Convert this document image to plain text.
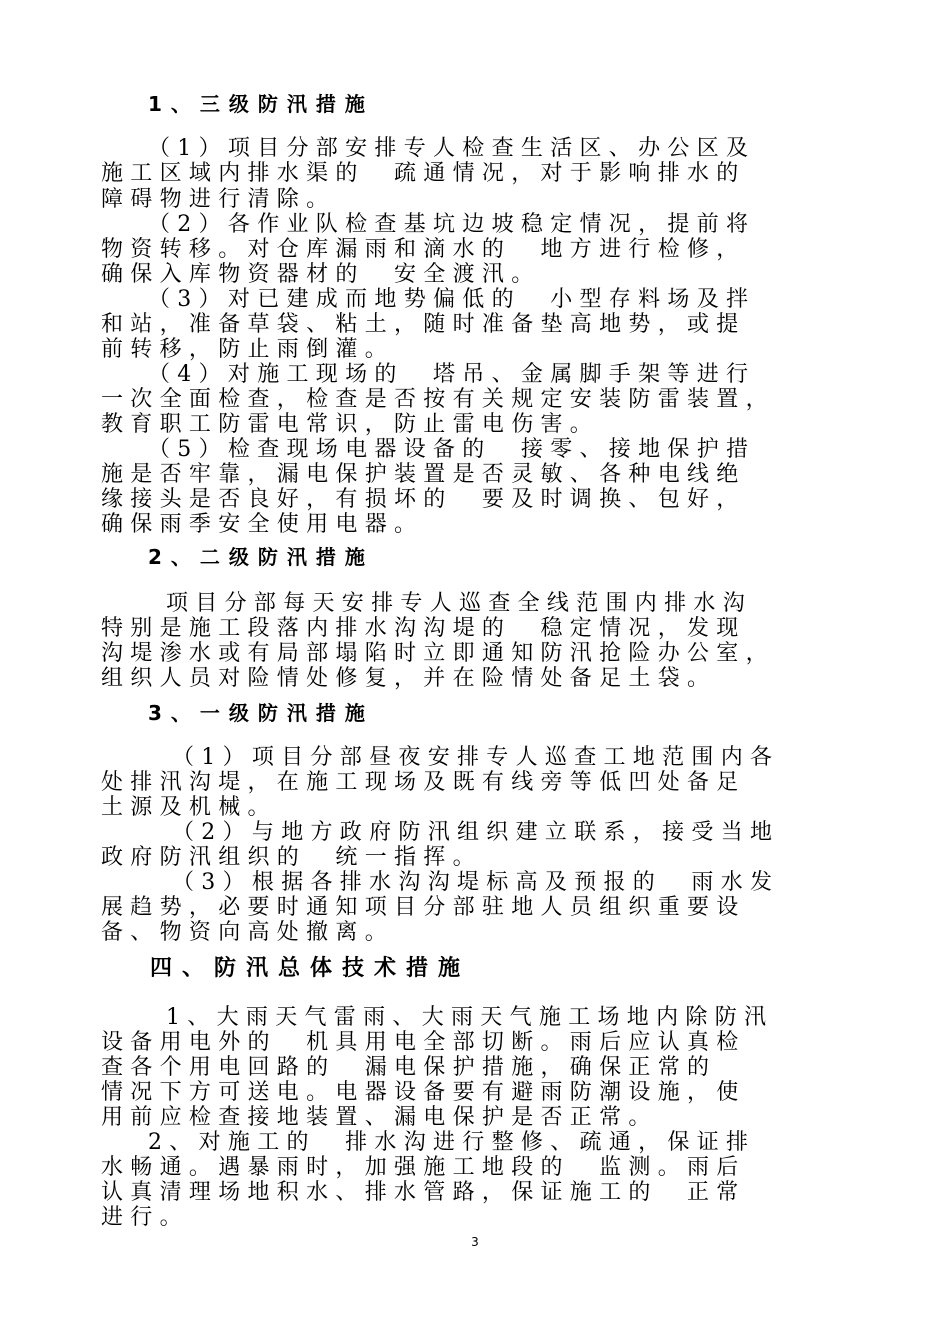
1、三级防汛措施
（1）项目分部安排专人检查生活区、办公区及
施工区域内排水渠的　疏通情况，对于影响排水的
障碍物进行清除。
（2）各作业队检查基坑边坡稳定情况，提前将
物资转移。对仓库漏雨和滴水的　地方进行检修，
确保入库物资器材的　安全渡汛。
（3）对已建成而地势偏低的　小型存料场及拌
和站，准备草袋、粘土，随时准备垫高地势，或提
前转移，防止雨倒灌。
（4）对施工现场的　塔吊、金属脚手架等进行
一次全面检查，检查是否按有关规定安装防雷装置，
教育职工防雷电常识，防止雷电伤害。
（5）检查现场电器设备的　接零、接地保护措
施是否牢靠，漏电保护装置是否灵敏、各种电线绝
缘接头是否良好，有损坏的　要及时调换、包好，
确保雨季安全使用电器。
2、二级防汛措施
项目分部每天安排专人巡查全线范围内排水沟
特别是施工段落内排水沟沟堤的　稳定情况，发现
沟堤渗水或有局部塌陷时立即通知防汛抢险办公室，
组织人员对险情处修复，并在险情处备足土袋。
3、一级防汛措施
（1）项目分部昼夜安排专人巡查工地范围内各
处排汛沟堤，在施工现场及既有线旁等低凹处备足
土源及机械。
（2）与地方政府防汛组织建立联系，接受当地
政府防汛组织的　统一指挥。
（3）根据各排水沟沟堤标高及预报的　雨水发
展趋势，必要时通知项目分部驻地人员组织重要设
备、物资向高处撤离。
四、防汛总体技术措施
1、大雨天气雷雨、大雨天气施工场地内除防汛
设备用电外的　机具用电全部切断。雨后应认真检
查各个用电回路的　漏电保护措施，确保正常的
情况下方可送电。电器设备要有避雨防潮设施，使
用前应检查接地装置、漏电保护是否正常。
2、对施工的　排水沟进行整修、疏通，保证排
水畅通。遇暴雨时，加强施工地段的　监测。雨后
认真清理场地积水、排水管路，保证施工的　正常
进行。
3
